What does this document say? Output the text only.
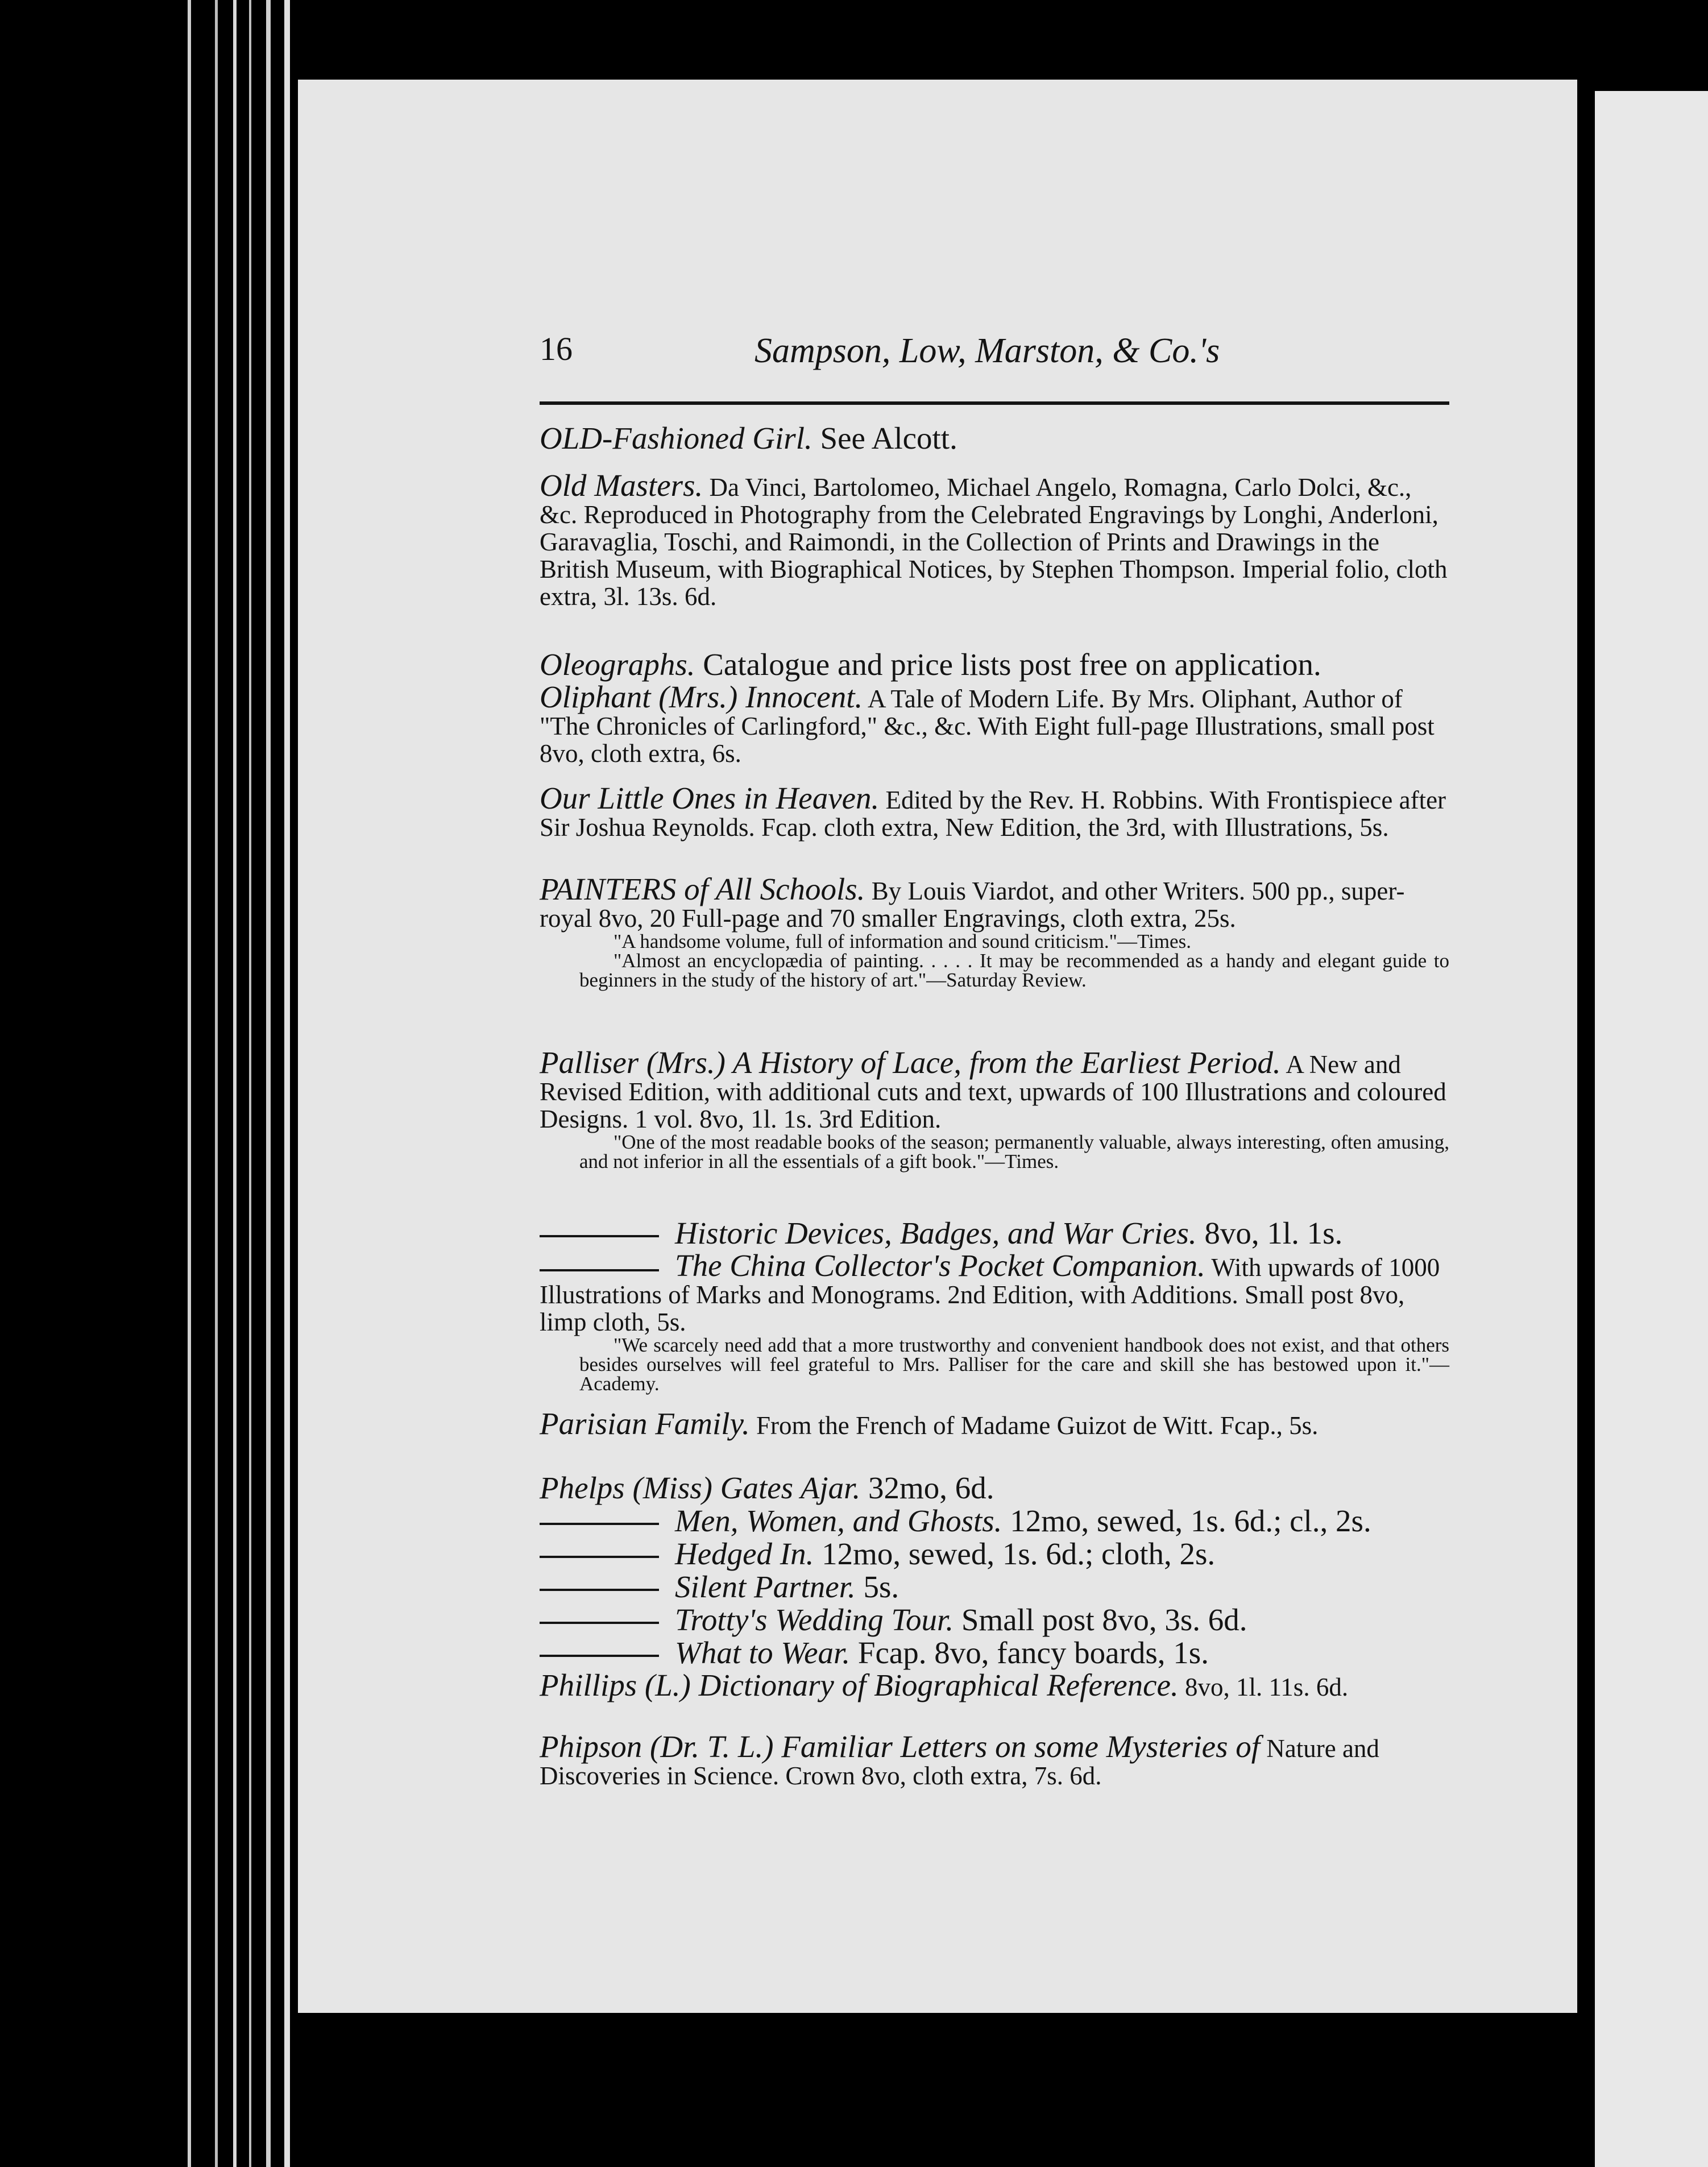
16	Sampson, Low, Marston, & Co.'s
OLD-Fashioned Girl. See Alcott.
Old Masters. Da Vinci, Bartolomeo, Michael Angelo, Romagna, Carlo Dolci, &c., &c. Reproduced in Photography from the Celebrated Engravings by Longhi, Anderloni, Garavaglia, Toschi, and Raimondi, in the Collection of Prints and Drawings in the British Museum, with Biographical Notices, by Stephen Thompson. Imperial folio, cloth extra, 3l. 13s. 6d.
Oleographs. Catalogue and price lists post free on application.
Oliphant (Mrs.) Innocent. A Tale of Modern Life. By Mrs. Oliphant, Author of "The Chronicles of Carlingford," &c., &c. With Eight full-page Illustrations, small post 8vo, cloth extra, 6s.
Our Little Ones in Heaven. Edited by the Rev. H. Robbins. With Frontispiece after Sir Joshua Reynolds. Fcap. cloth extra, New Edition, the 3rd, with Illustrations, 5s.
PAINTERS of All Schools. By Louis Viardot, and other Writers. 500 pp., super-royal 8vo, 20 Full-page and 70 smaller Engravings, cloth extra, 25s.
"A handsome volume, full of information and sound criticism."—Times.
"Almost an encyclopædia of painting. . . . . It may be recommended as a handy and elegant guide to beginners in the study of the history of art."—Saturday Review.
Palliser (Mrs.) A History of Lace, from the Earliest Period. A New and Revised Edition, with additional cuts and text, upwards of 100 Illustrations and coloured Designs. 1 vol. 8vo, 1l. 1s. 3rd Edition.
"One of the most readable books of the season; permanently valuable, always interesting, often amusing, and not inferior in all the essentials of a gift book."—Times.
Historic Devices, Badges, and War Cries. 8vo, 1l. 1s.
The China Collector's Pocket Companion. With upwards of 1000 Illustrations of Marks and Monograms. 2nd Edition, with Additions. Small post 8vo, limp cloth, 5s.
"We scarcely need add that a more trustworthy and convenient handbook does not exist, and that others besides ourselves will feel grateful to Mrs. Palliser for the care and skill she has bestowed upon it."—Academy.
Parisian Family. From the French of Madame Guizot de Witt. Fcap., 5s.
Phelps (Miss) Gates Ajar. 32mo, 6d.
Men, Women, and Ghosts. 12mo, sewed, 1s. 6d.; cl., 2s.
Hedged In. 12mo, sewed, 1s. 6d.; cloth, 2s.
Silent Partner. 5s.
Trotty's Wedding Tour. Small post 8vo, 3s. 6d.
What to Wear. Fcap. 8vo, fancy boards, 1s.
Phillips (L.) Dictionary of Biographical Reference. 8vo, 1l. 11s. 6d.
Phipson (Dr. T. L.) Familiar Letters on some Mysteries of Nature and Discoveries in Science. Crown 8vo, cloth extra, 7s. 6d.
